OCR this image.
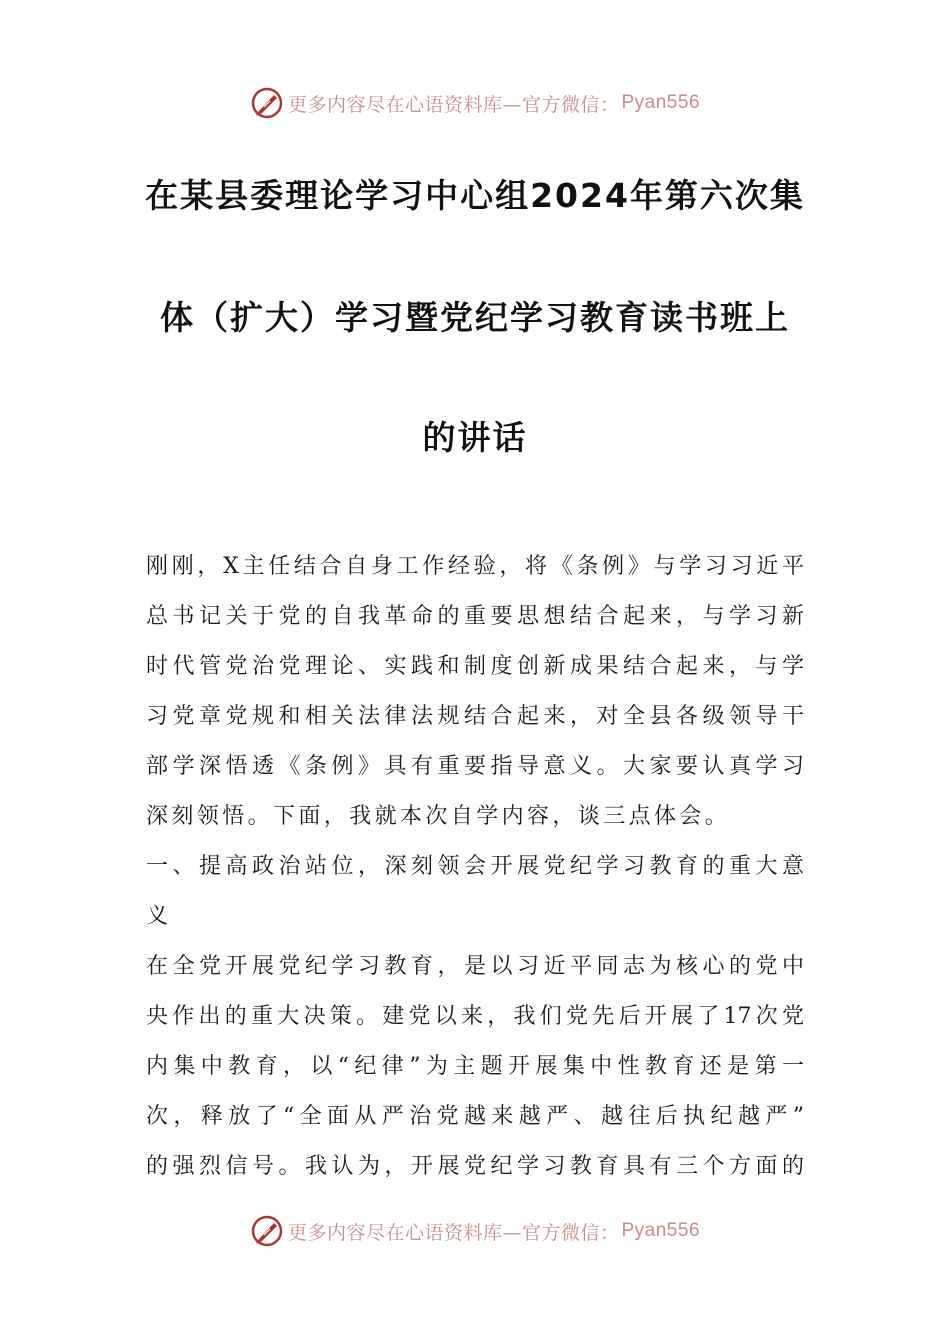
更多内容尽在心语资料库—官方微信： Pyan556
在某县委理论学习中心组2024年第六次集
体（扩大）学习暨党纪学习教育读书班上
的讲话
刚刚，X主任结合自身工作经验，将《条例》与学习习近平
总书记关于党的自我革命的重要思想结合起来，与学习新
时代管党治党理论、实践和制度创新成果结合起来，与学
习党章党规和相关法律法规结合起来，对全县各级领导干
部学深悟透《条例》具有重要指导意义。大家要认真学习
深刻领悟。下面，我就本次自学内容，谈三点体会。
一、提高政治站位，深刻领会开展党纪学习教育的重大意
义
在全党开展党纪学习教育，是以习近平同志为核心的党中
央作出的重大决策。建党以来，我们党先后开展了17次党
内集中教育，以“纪律”为主题开展集中性教育还是第一
次，释放了“全面从严治党越来越严、越往后执纪越严”
的强烈信号。我认为，开展党纪学习教育具有三个方面的
更多内容尽在心语资料库—官方微信： Pyan556
